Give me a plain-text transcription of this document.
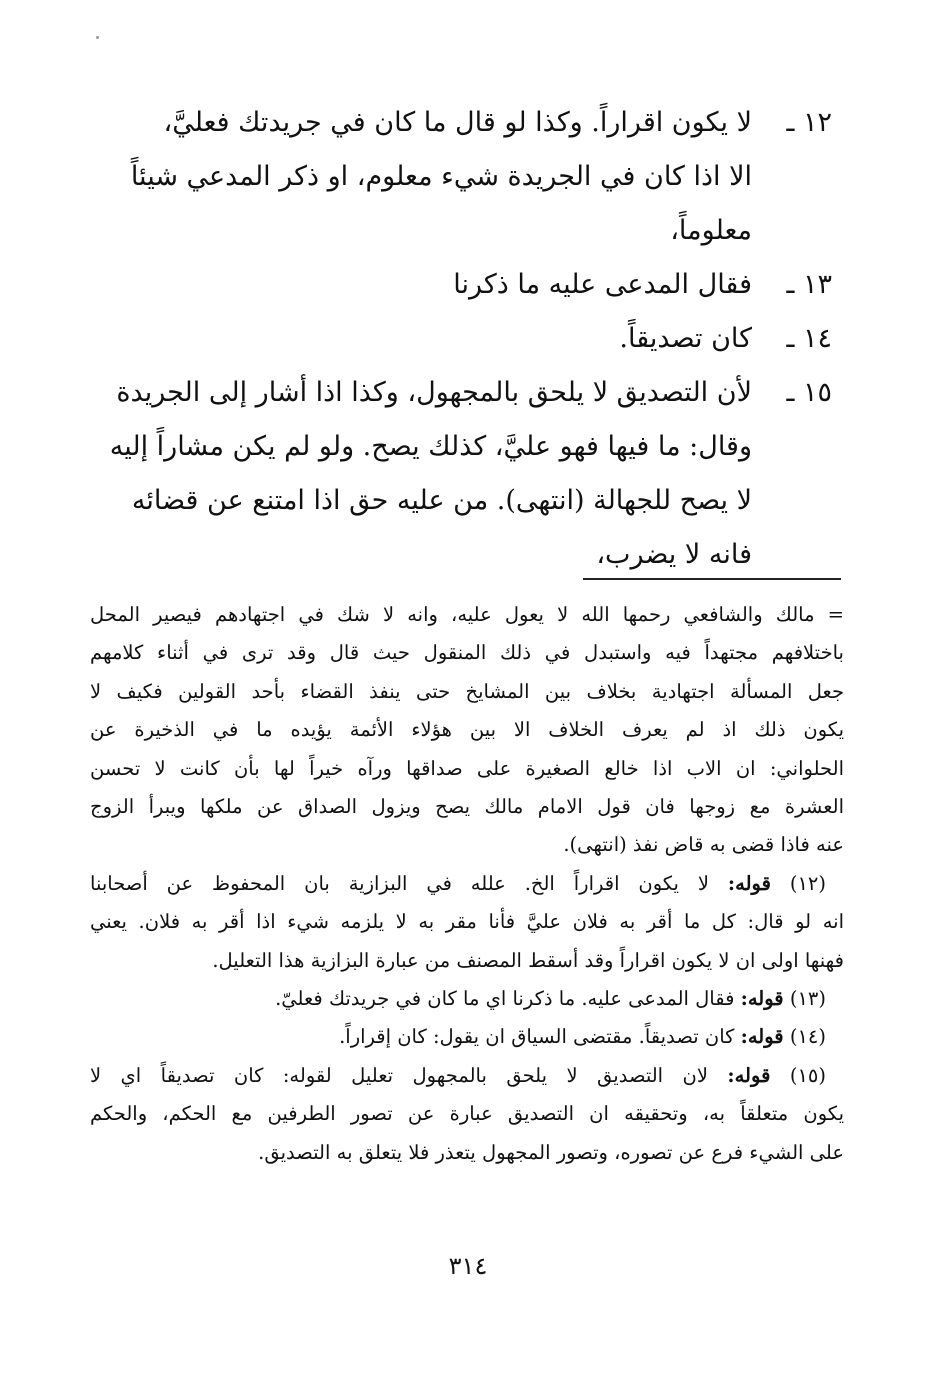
١٢ ـ
لا يكون اقراراً. وكذا لو قال ما كان في جريدتك فعليَّ،
الا اذا كان في الجريدة شيء معلوم، او ذكر المدعي شيئاً
معلوماً،
١٣ ـ
فقال المدعى عليه ما ذكرنا
١٤ ـ
كان تصديقاً.
١٥ ـ
لأن التصديق لا يلحق بالمجهول، وكذا اذا أشار إلى الجريدة
وقال: ما فيها فهو عليَّ، كذلك يصح. ولو لم يكن مشاراً إليه
لا يصح للجهالة (انتهى). من عليه حق اذا امتنع عن قضائه
فانه لا يضرب،
= مالك والشافعي رحمها الله لا يعول عليه، وانه لا شك في اجتهادهم فيصير المحل
باختلافهم مجتهداً فيه واستبدل في ذلك المنقول حيث قال وقد ترى في أثناء كلامهم
جعل المسألة اجتهادية بخلاف بين المشايخ حتى ينفذ القضاء بأحد القولين فكيف لا
يكون ذلك اذ لم يعرف الخلاف الا بين هؤلاء الأئمة يؤيده ما في الذخيرة عن
الحلواني: ان الاب اذا خالع الصغيرة على صداقها ورآه خيراً لها بأن كانت لا تحسن
العشرة مع زوجها فان قول الامام مالك يصح ويزول الصداق عن ملكها ويبرأ الزوج
عنه فاذا قضى به قاض نفذ (انتهى).
(١٢) قوله: لا يكون اقراراً الخ. علله في البزازية بان المحفوظ عن أصحابنا
انه لو قال: كل ما أقر به فلان عليَّ فأنا مقر به لا يلزمه شيء اذا أقر به فلان. يعني
فهنها اولى ان لا يكون اقراراً وقد أسقط المصنف من عبارة البزازية هذا التعليل.
(١٣) قوله: فقال المدعى عليه. ما ذكرنا اي ما كان في جريدتك فعليّ.
(١٤) قوله: كان تصديقاً. مقتضى السياق ان يقول: كان إقراراً.
(١٥) قوله: لان التصديق لا يلحق بالمجهول تعليل لقوله: كان تصديقاً اي لا
يكون متعلقاً به، وتحقيقه ان التصديق عبارة عن تصور الطرفين مع الحكم، والحكم
على الشيء فرع عن تصوره، وتصور المجهول يتعذر فلا يتعلق به التصديق.
٣١٤
